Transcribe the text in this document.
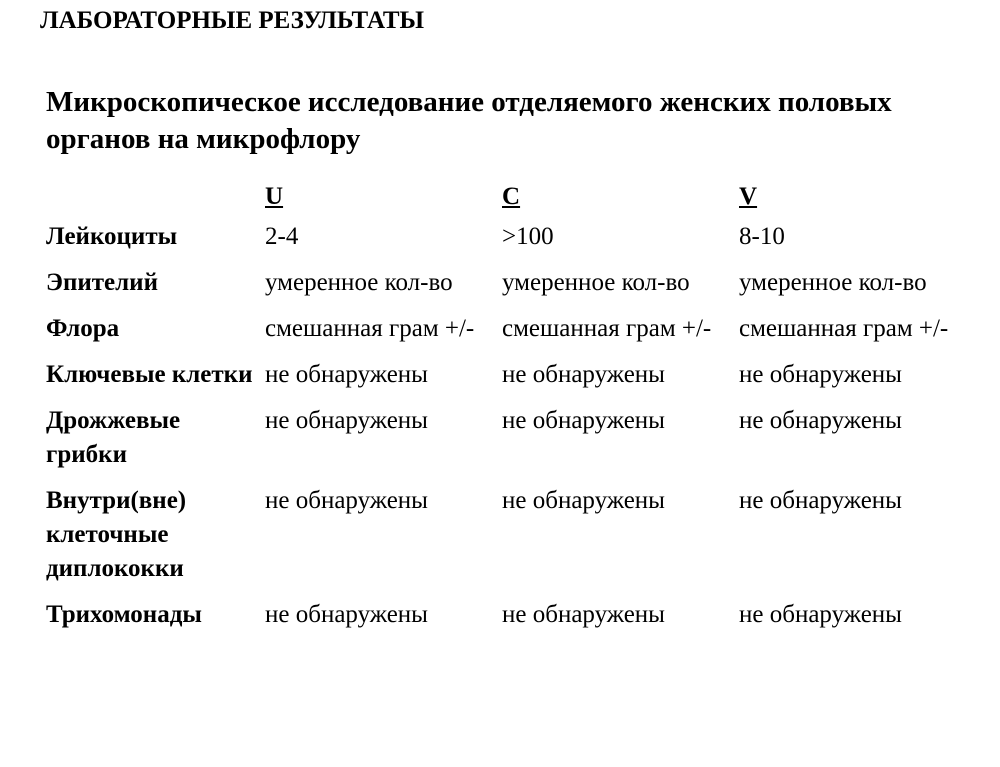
ЛАБОРАТОРНЫЕ РЕЗУЛЬТАТЫ
Микроскопическое исследование отделяемого женских половых органов на микрофлору
	U	C	V
Лейкоциты	2-4	>100	8-10
Эпителий	умеренное кол-во	умеренное кол-во	умеренное кол-во
Флора	смешанная грам +/-	смешанная грам +/-	смешанная грам +/-
Ключевые клетки	не обнаружены	не обнаружены	не обнаружены
Дрожжевые грибки	не обнаружены	не обнаружены	не обнаружены
Внутри(вне) клеточные диплококки	не обнаружены	не обнаружены	не обнаружены
Трихомонады	не обнаружены	не обнаружены	не обнаружены
